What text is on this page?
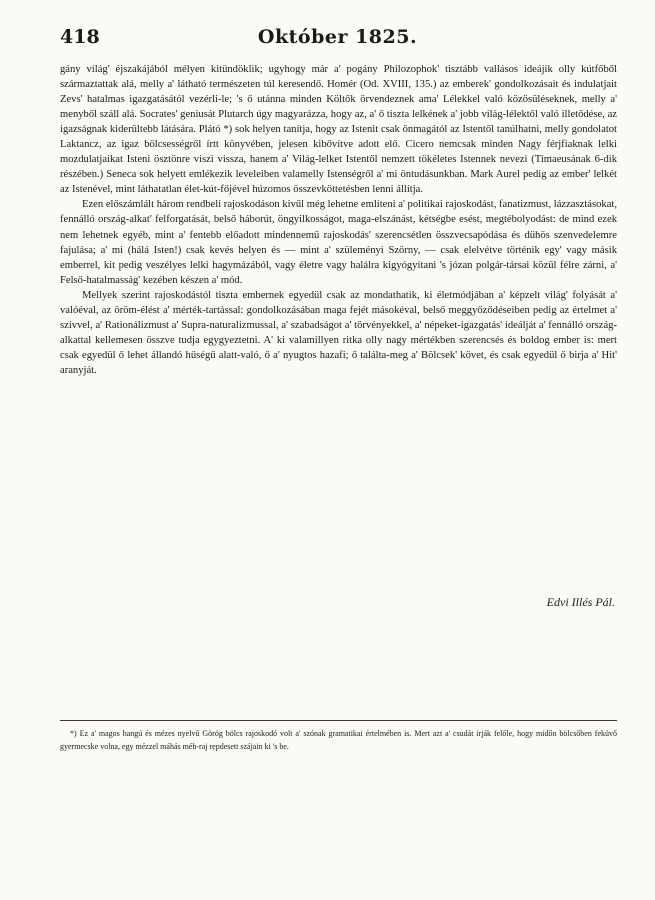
418	Október 1825.

gány világ' éjszakájából mélyen kitündöklik; ugyhogy már a' pogány Philozophok' tisztább vallásos ideájik olly kútfőből származtattak alá, melly a' látható természeten túl keresendő. Homér (Od. XVIII, 135.) az emberek' gondolkozásait és indulatjait Zevs' hatalmas igazgatásától vezérli-le; 's ő utánna minden Költők örvendeznek ama' Lélekkel való közösüléseknek, melly a' menyből száll alá. Socrates' geniusát Plutarch úgy magyarázza, hogy az, a' ő tiszta lelkének a' jobb világ-lélektől való illetődése, az igazságnak kiderültebb látására. Plátó *) sok helyen tanítja, hogy az Istenit csak önmagától az Istentől tanúlhatni, melly gondolatot Laktancz, az igaz bölcsességről írtt könyvében, jelesen kibővítve adott elő. Cicero nemcsak minden Nagy férjfiaknak lelki mozdulatjaikat Isteni ösztönre viszi vissza, hanem a' Világ-lelket Istentől nemzett tökéletes Istennek nevezi (Timaeusának 6-dik részében.) Seneca sok helyett emlékezik leveleiben valamelly Istenségről a' mi öntudásunkban. Mark Aurel pedig az ember' lelkét az Istenével, mint láthatatlan élet-kút-főjével húzomos összevköttetésben lenni állítja.

Ezen előszámlált három rendbeli rajoskodáson kivűl még lehetne említeni a' politikai rajoskodást, fanatizmust, lázzasztásokat, fennálló ország-alkat' felforgatását, belső háborút, öngyilkosságot, maga-elszánást, kétségbe esést, megtébolyodást: de mind ezek nem lehetnek egyéb, mint a' fentebb előadott mindennemű rajoskodás' szerencsétlen összvecsapódása és dühös szenvedelemre fajulása; a' mi (hálá Isten!) csak kevés helyen és — mint a' szüleményi Szörny, — csak elelvétve történik egy' vagy másik emberrel, kit pedig veszélyes lelki hagymázából, vagy életre vagy halálra kigyógyítani 's józan polgár-társai közül félre zárni, a' Felső-hatalmasság' kezében készen a' mód.

Mellyek szerint rajoskodástól tiszta embernek egyedül csak az mondathatik, ki életmódjában a' képzelt világ' folyását a' valóéval, az öröm-élést a' mérték-tartással: gondolkozásában maga fejét másokéval, belső meggyőződéseiben pedig az értelmet a' szívvel, a' Rationálizmust a' Supra-naturalizmussal, a' szabadságot a' törvényekkel, a' népeket-igazgatás' ideálját a' fennálló ország-alkattal kellemesen összve tudja egygyeztetni. A' ki valamillyen ritka olly nagy mértékben szerencsés és boldog ember is: mert csak egyedül ő lehet állandó hűségű alatt-való, ő a' nyugtos hazafi; ő találta-meg a' Bölcsek' követ, és csak egyedül ő birja a' Hit' aranyját.

Edvi Illés Pál.

*) Ez a' magos hangú és mézes nyelvű Görög bölcs rajoskodó volt a' szónak gramatikai értelmében is. Mert azt a' csudát írják felőle, hogy midőn bölcsőben feküvő gyermecske volna, egy mézzel máhás méh-raj repdesett szájain ki 's be.
